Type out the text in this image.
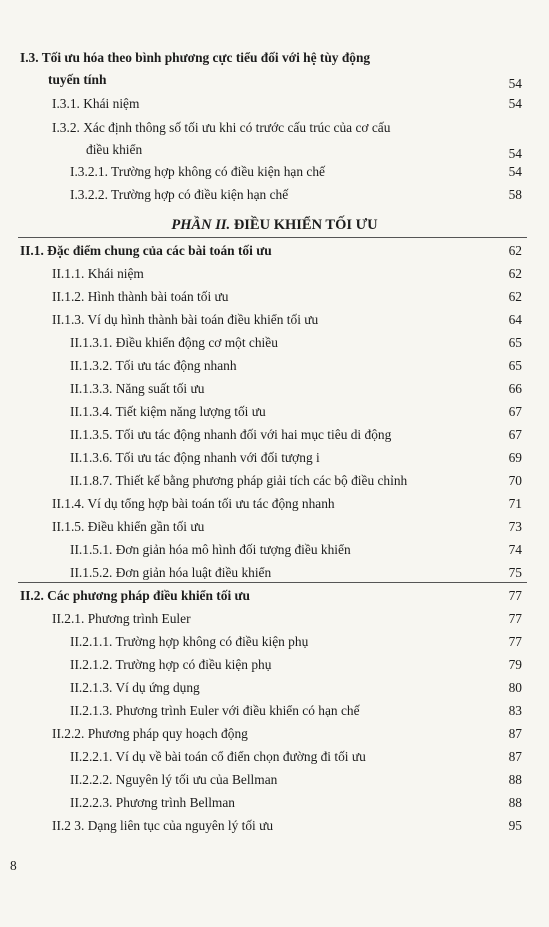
PHẦN II. ĐIỀU KHIỂN TỐI ƯU
8
I.3. Tối ưu hóa theo bình phương cực tiểu đối với hệ tùy động
tuyến tính	54
I.3.1. Khái niệm	54
I.3.2. Xác định thông số tối ưu khi có trước cấu trúc của cơ cấu
điều khiển	54
I.3.2.1. Trường hợp không có điều kiện hạn chế	54
I.3.2.2. Trường hợp có điều kiện hạn chế	58
II.1. Đặc điểm chung của các bài toán tối ưu	62
II.1.1. Khái niệm	62
II.1.2. Hình thành bài toán tối ưu	62
II.1.3. Ví dụ hình thành bài toán điều khiển tối ưu	64
II.1.3.1. Điều khiển động cơ một chiều	65
II.1.3.2. Tối ưu tác động nhanh	65
II.1.3.3. Năng suất tối ưu	66
II.1.3.4. Tiết kiệm năng lượng tối ưu	67
II.1.3.5. Tối ưu tác động nhanh đối với hai mục tiêu di động	67
II.1.3.6. Tối ưu tác động nhanh với đối tượng i	69
II.1.8.7. Thiết kế bằng phương pháp giải tích các bộ điều chỉnh	70
II.1.4. Ví dụ tổng hợp bài toán tối ưu tác động nhanh	71
II.1.5. Điều khiển gần tối ưu	73
II.1.5.1. Đơn giản hóa mô hình đối tượng điều khiển	74
II.1.5.2. Đơn giản hóa luật điều khiển	75
II.2. Các phương pháp điều khiển tối ưu	77
II.2.1. Phương trình Euler	77
II.2.1.1. Trường hợp không có điều kiện phụ	77
II.2.1.2. Trường hợp có điều kiện phụ	79
II.2.1.3. Ví dụ ứng dụng	80
II.2.1.3. Phương trình Euler với điều khiển có hạn chế	83
II.2.2. Phương pháp quy hoạch động	87
II.2.2.1. Ví dụ về bài toán cổ điển chọn đường đi tối ưu	87
II.2.2.2. Nguyên lý tối ưu của Bellman	88
II.2.2.3. Phương trình Bellman	88
II.2 3. Dạng liên tục của nguyên lý tối ưu	95
